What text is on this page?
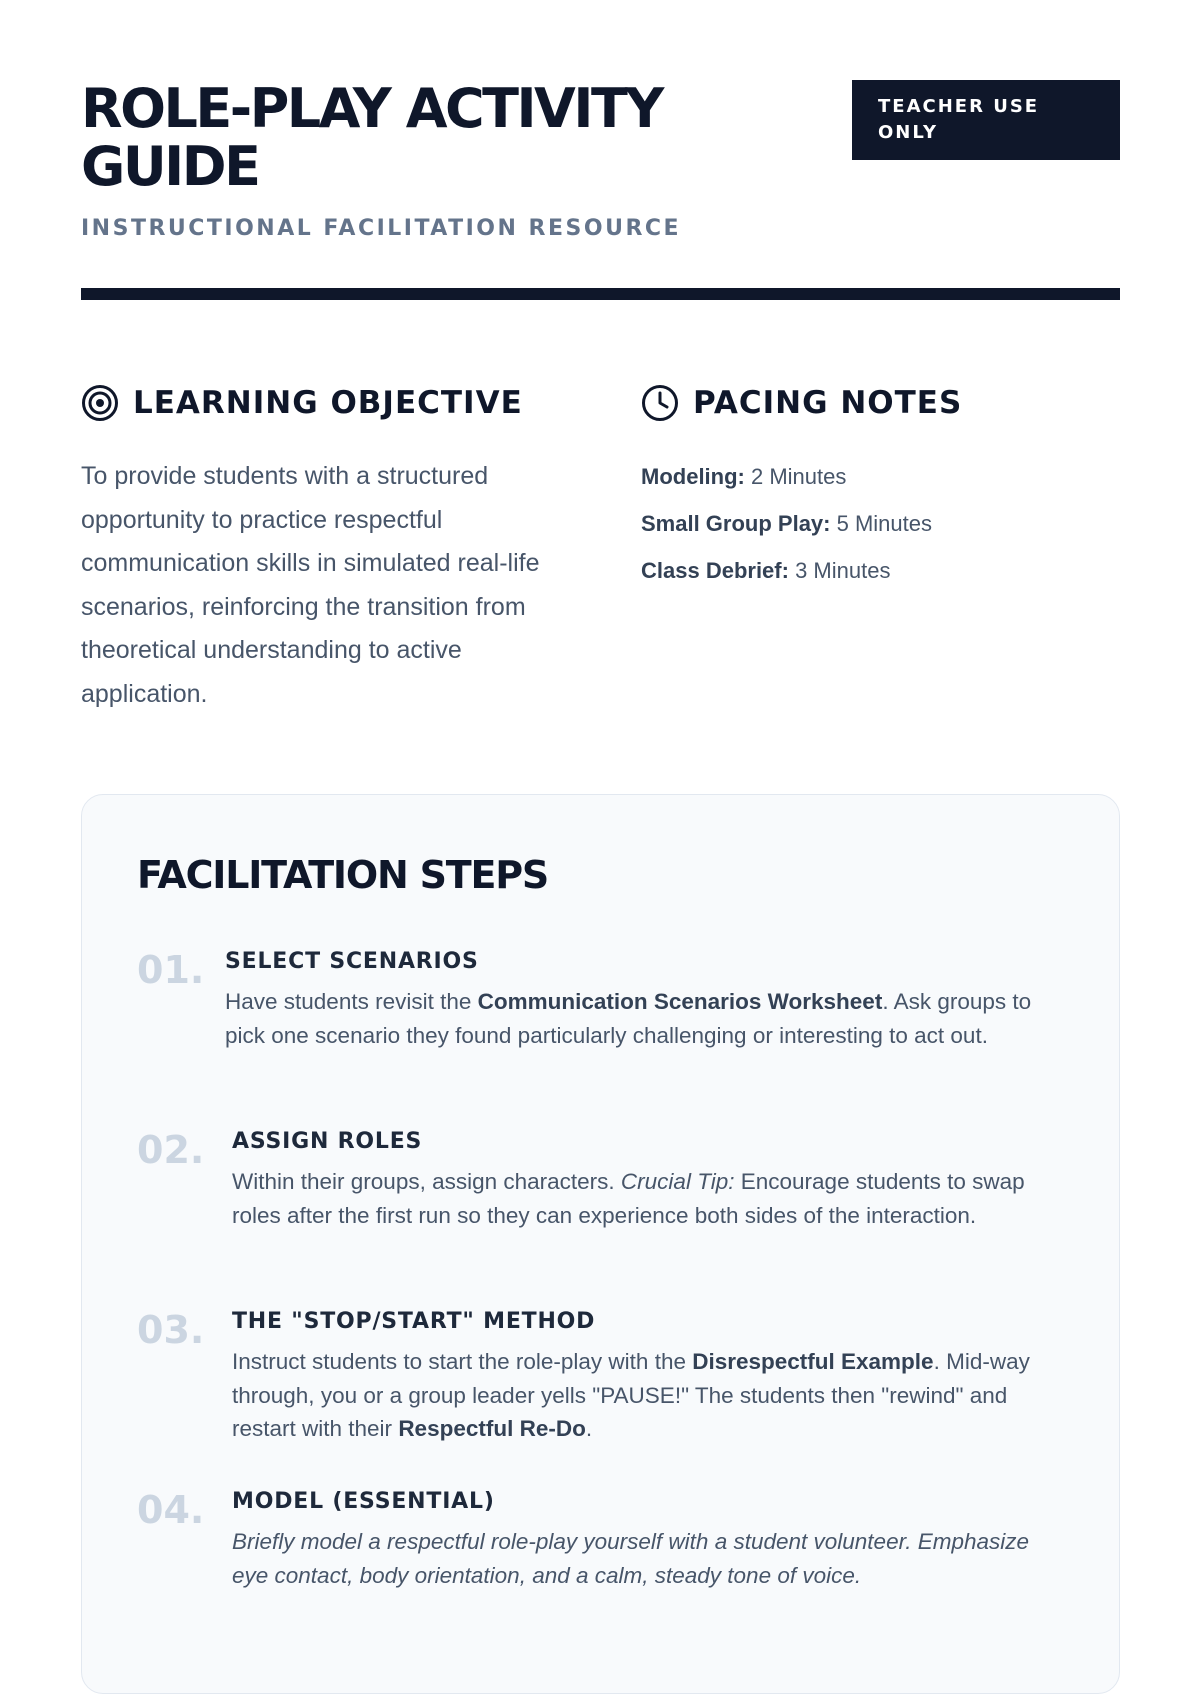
ROLE-PLAY ACTIVITY GUIDE

INSTRUCTIONAL FACILITATION RESOURCE

TEACHER USE ONLY
LEARNING OBJECTIVE

To provide students with a structured opportunity to practice respectful communication skills in simulated real-life scenarios, reinforcing the transition from theoretical understanding to active application.

PACING NOTES
Modeling: 2 Minutes
Small Group Play: 5 Minutes
Class Debrief: 3 Minutes
FACILITATION STEPS
01. SELECT SCENARIOS

Have students revisit the Communication Scenarios Worksheet. Ask groups to pick one scenario they found particularly challenging or interesting to act out.

02. ASSIGN ROLES

Within their groups, assign characters. Crucial Tip: Encourage students to swap roles after the first run so they can experience both sides of the interaction.

03. THE "STOP/START" METHOD

Instruct students to start the role-play with the Disrespectful Example. Mid-way through, you or a group leader yells "PAUSE!" The students then "rewind" and restart with their Respectful Re-Do.

04. MODEL (ESSENTIAL)

Briefly model a respectful role-play yourself with a student volunteer. Emphasize eye contact, body orientation, and a calm, steady tone of voice.
